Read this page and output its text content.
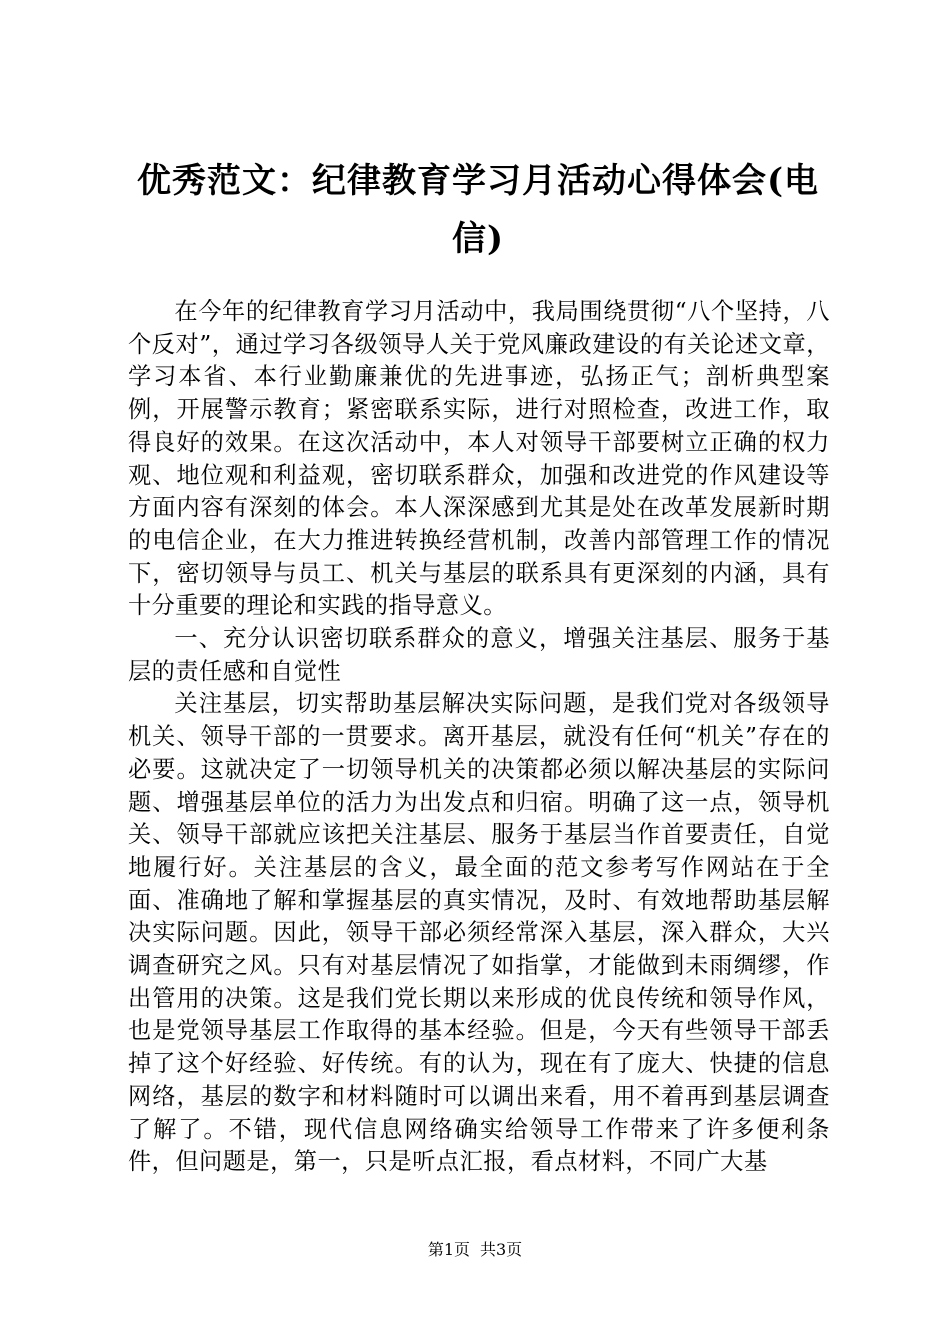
优秀范文：纪律教育学习月活动心得体会(电信)

在今年的纪律教育学习月活动中，我局围绕贯彻“八个坚持，八个反对”，通过学习各级领导人关于党风廉政建设的有关论述文章，学习本省、本行业勤廉兼优的先进事迹，弘扬正气；剖析典型案例，开展警示教育；紧密联系实际，进行对照检查，改进工作，取得良好的效果。在这次活动中，本人对领导干部要树立正确的权力观、地位观和利益观，密切联系群众，加强和改进党的作风建设等方面内容有深刻的体会。本人深深感到尤其是处在改革发展新时期的电信企业，在大力推进转换经营机制，改善内部管理工作的情况下，密切领导与员工、机关与基层的联系具有更深刻的内涵，具有十分重要的理论和实践的指导意义。

一、充分认识密切联系群众的意义，增强关注基层、服务于基层的责任感和自觉性

关注基层，切实帮助基层解决实际问题，是我们党对各级领导机关、领导干部的一贯要求。离开基层，就没有任何“机关”存在的必要。这就决定了一切领导机关的决策都必须以解决基层的实际问题、增强基层单位的活力为出发点和归宿。明确了这一点，领导机关、领导干部就应该把关注基层、服务于基层当作首要责任，自觉地履行好。关注基层的含义，最全面的范文参考写作网站在于全面、准确地了解和掌握基层的真实情况，及时、有效地帮助基层解决实际问题。因此，领导干部必须经常深入基层，深入群众，大兴调查研究之风。只有对基层情况了如指掌，才能做到未雨绸缪，作出管用的决策。这是我们党长期以来形成的优良传统和领导作风，也是党领导基层工作取得的基本经验。但是，今天有些领导干部丢掉了这个好经验、好传统。有的认为，现在有了庞大、快捷的信息网络，基层的数字和材料随时可以调出来看，用不着再到基层调查了解了。不错，现代信息网络确实给领导工作带来了许多便利条件，但问题是，第一，只是听点汇报，看点材料，不同广大基

第1页 共3页
